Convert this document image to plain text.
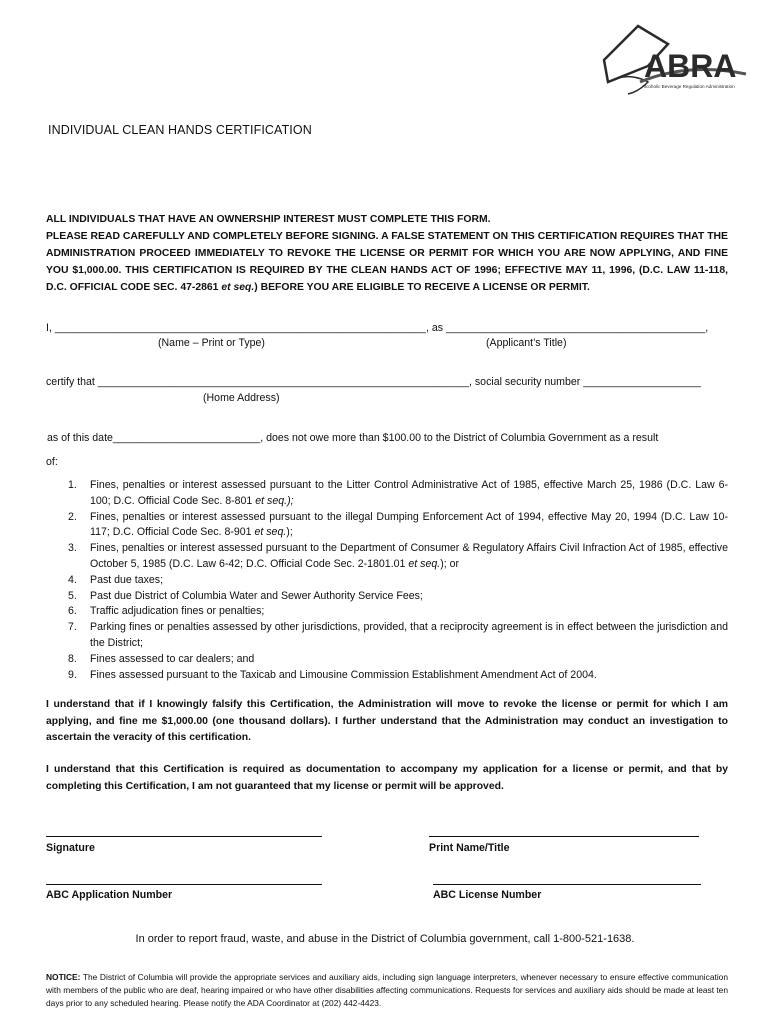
ABRA
Alcoholic Beverage Regulation Administration
INDIVIDUAL CLEAN HANDS CERTIFICATION

ALL INDIVIDUALS THAT HAVE AN OWNERSHIP INTEREST MUST COMPLETE THIS FORM.

PLEASE READ CAREFULLY AND COMPLETELY BEFORE SIGNING. A FALSE STATEMENT ON THIS CERTIFICATION REQUIRES THAT THE ADMINISTRATION PROCEED IMMEDIATELY TO REVOKE THE LICENSE OR PERMIT FOR WHICH YOU ARE NOW APPLYING, AND FINE YOU $1,000.00. THIS CERTIFICATION IS REQUIRED BY THE CLEAN HANDS ACT OF 1996; EFFECTIVE MAY 11, 1996, (D.C. LAW 11-118, D.C. OFFICIAL CODE SEC. 47-2861 et seq.) BEFORE YOU ARE ELIGIBLE TO RECEIVE A LICENSE OR PERMIT.

I, _______________________________________________________________, as ____________________________________________,
(Name – Print or Type)	(Applicant’s Title)
certify that _______________________________________________________________, social security number ____________________
(Home Address)
as of this date_________________________, does not owe more than $100.00 to the District of Columbia Government as a result
of:
1. Fines, penalties or interest assessed pursuant to the Litter Control Administrative Act of 1985, effective March 25, 1986 (D.C. Law 6-100; D.C. Official Code Sec. 8-801 et seq.);
2. Fines, penalties or interest assessed pursuant to the illegal Dumping Enforcement Act of 1994, effective May 20, 1994 (D.C. Law 10-117; D.C. Official Code Sec. 8-901 et seq.);
3. Fines, penalties or interest assessed pursuant to the Department of Consumer & Regulatory Affairs Civil Infraction Act of 1985, effective October 5, 1985 (D.C. Law 6-42; D.C. Official Code Sec. 2-1801.01 et seq.); or
4. Past due taxes;
5. Past due District of Columbia Water and Sewer Authority Service Fees;
6. Traffic adjudication fines or penalties;
7. Parking fines or penalties assessed by other jurisdictions, provided, that a reciprocity agreement is in effect between the jurisdiction and the District;
8. Fines assessed to car dealers; and
9. Fines assessed pursuant to the Taxicab and Limousine Commission Establishment Amendment Act of 2004.
I understand that if I knowingly falsify this Certification, the Administration will move to revoke the license or permit for which I am applying, and fine me $1,000.00 (one thousand dollars). I further understand that the Administration may conduct an investigation to ascertain the veracity of this certification.
I understand that this Certification is required as documentation to accompany my application for a license or permit, and that by completing this Certification, I am not guaranteed that my license or permit will be approved.
Signature	Print Name/Title
ABC Application Number	ABC License Number
In order to report fraud, waste, and abuse in the District of Columbia government, call 1-800-521-1638.
NOTICE: The District of Columbia will provide the appropriate services and auxiliary aids, including sign language interpreters, whenever necessary to ensure effective communication with members of the public who are deaf, hearing impaired or who have other disabilities affecting communications. Requests for services and auxiliary aids should be made at least ten days prior to any scheduled hearing. Please notify the ADA Coordinator at (202) 442-4423.
